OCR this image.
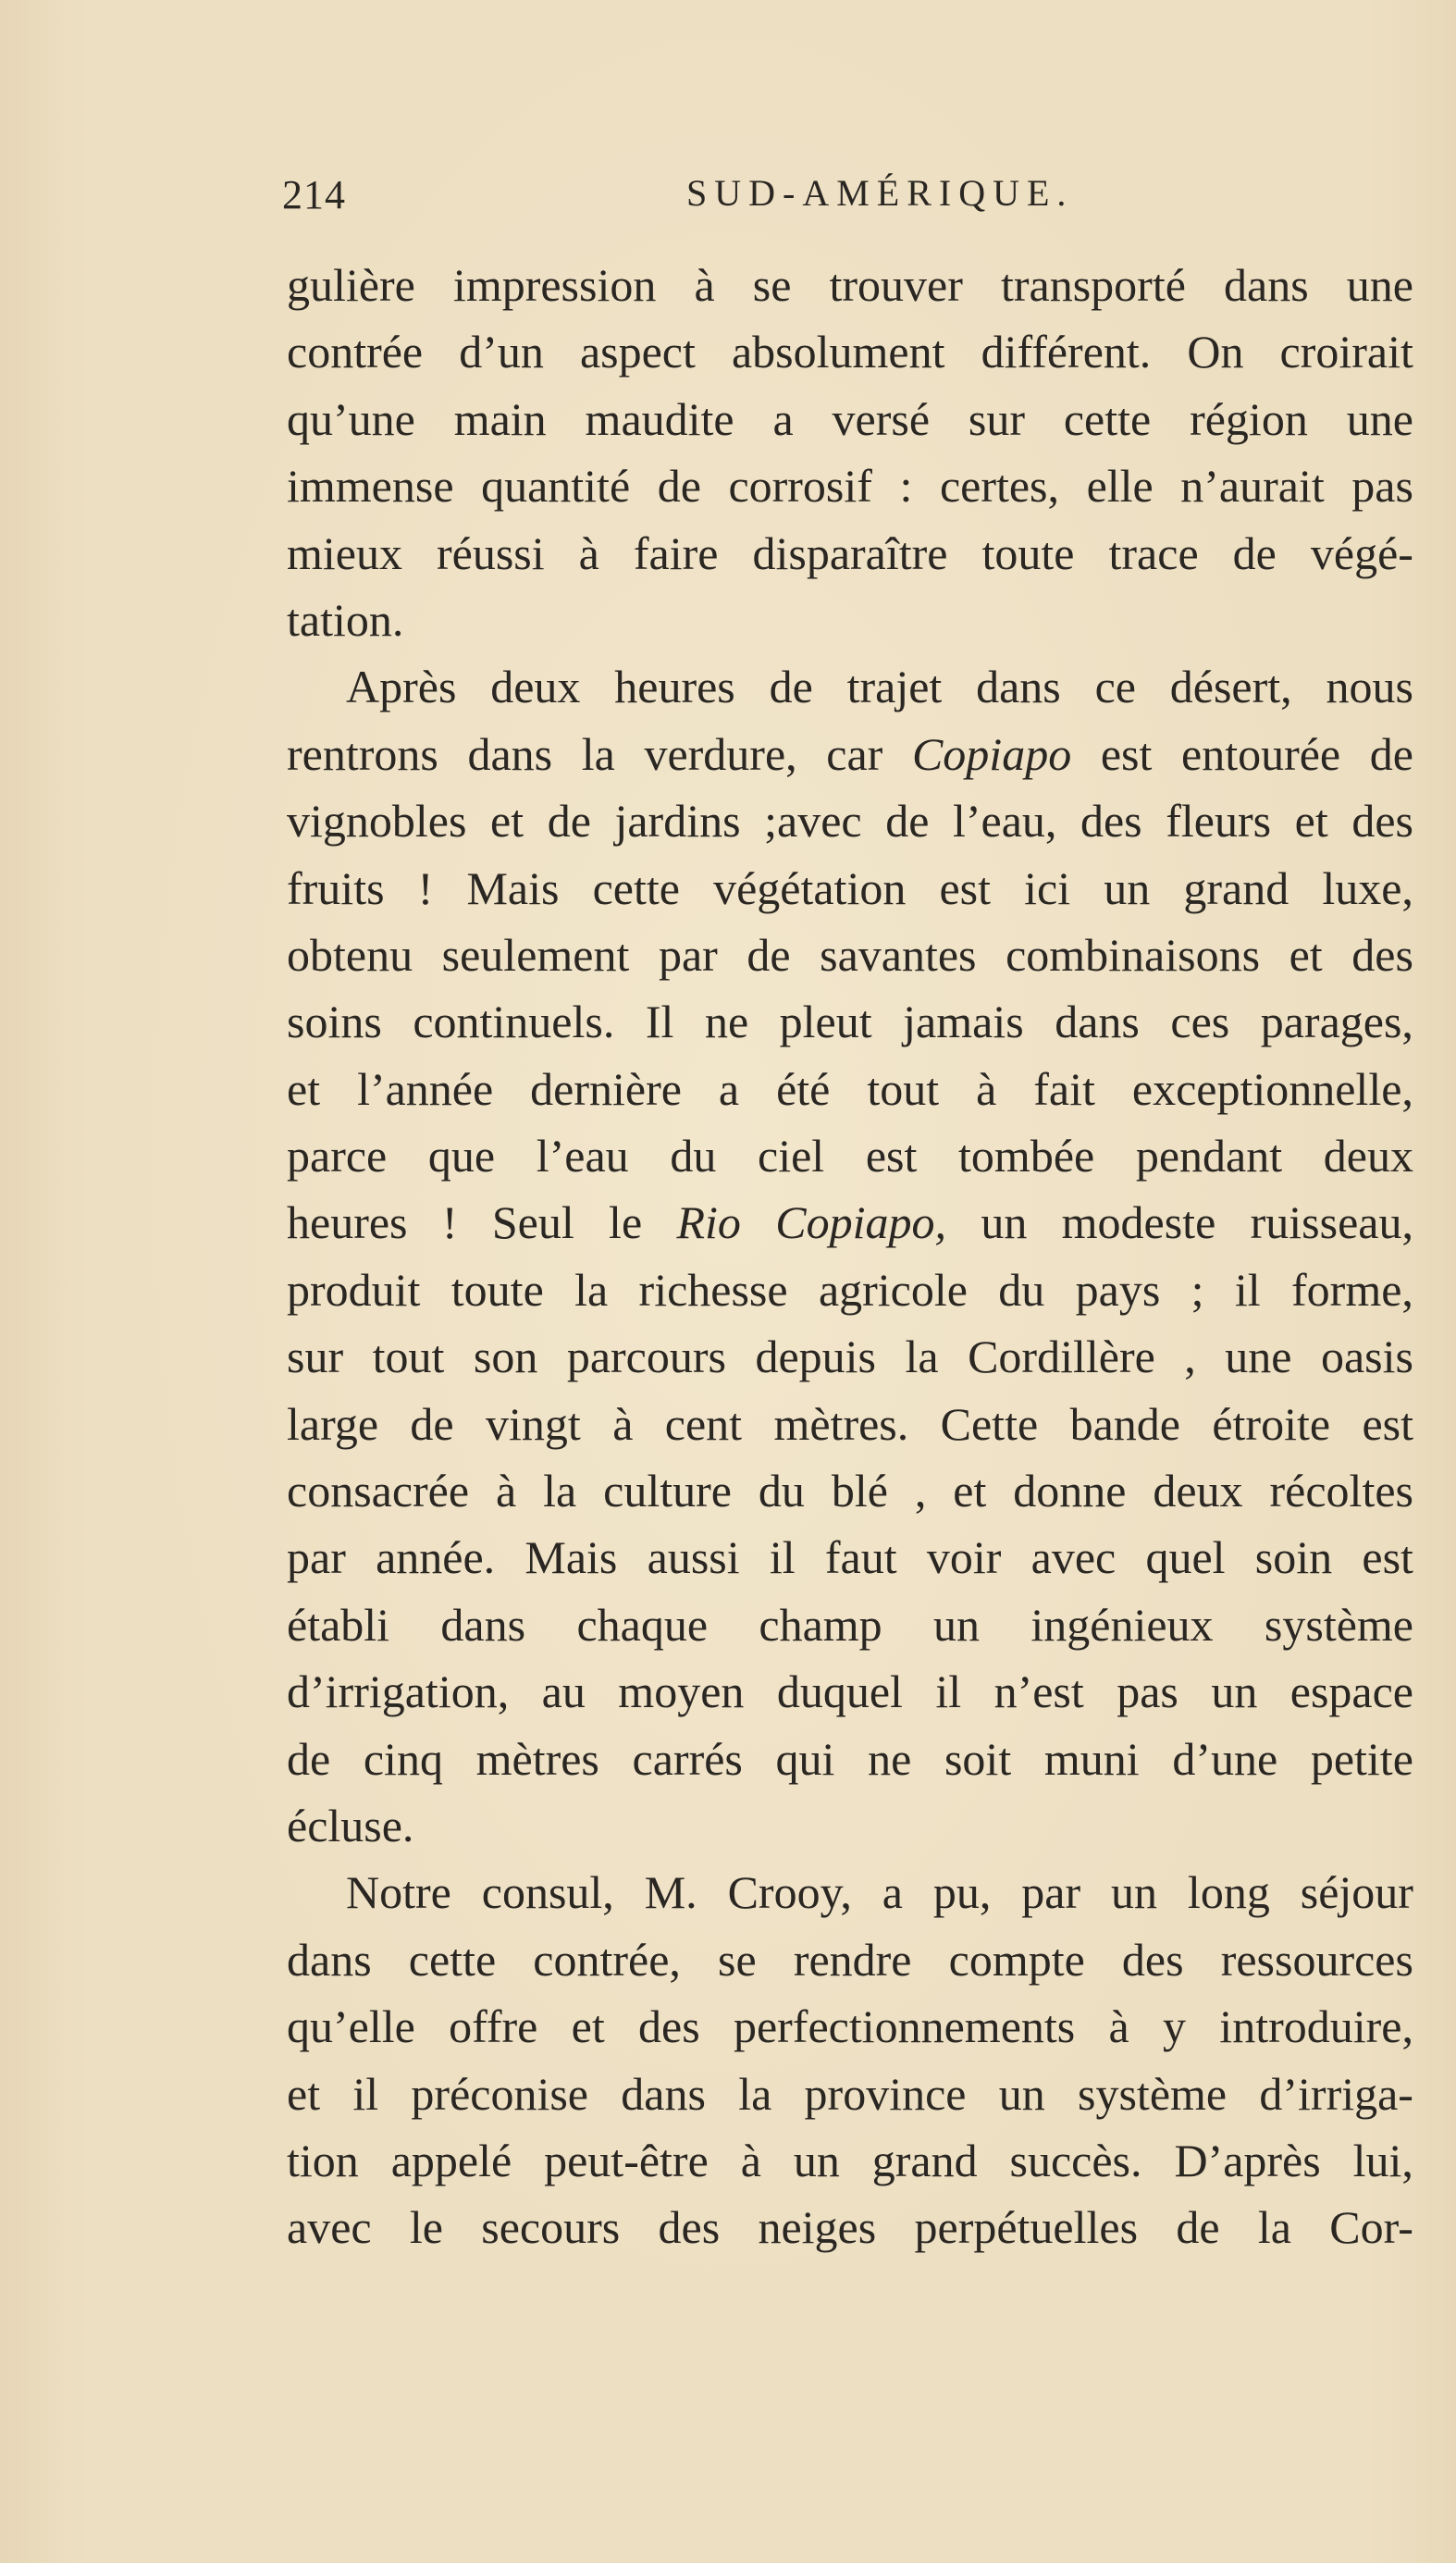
214	SUD-AMÉRIQUE.
gulière impression à se trouver transporté dans une
contrée d’un aspect absolument différent. On croirait
qu’une main maudite a versé sur cette région une
immense quantité de corrosif : certes, elle n’aurait pas
mieux réussi à faire disparaître toute trace de végé-
tation.
Après deux heures de trajet dans ce désert, nous
rentrons dans la verdure, car Copiapo est entourée de
vignobles et de jardins ;avec de l’eau, des fleurs et des
fruits ! Mais cette végétation est ici un grand luxe,
obtenu seulement par de savantes combinaisons et des
soins continuels. Il ne pleut jamais dans ces parages,
et l’année dernière a été tout à fait exceptionnelle,
parce que l’eau du ciel est tombée pendant deux
heures ! Seul le Rio Copiapo, un modeste ruisseau,
produit toute la richesse agricole du pays ; il forme,
sur tout son parcours depuis la Cordillère , une oasis
large de vingt à cent mètres. Cette bande étroite est
consacrée à la culture du blé , et donne deux récoltes
par année. Mais aussi il faut voir avec quel soin est
établi dans chaque champ un ingénieux système
d’irrigation, au moyen duquel il n’est pas un espace
de cinq mètres carrés qui ne soit muni d’une petite
écluse.
Notre consul, M. Crooy, a pu, par un long séjour
dans cette contrée, se rendre compte des ressources
qu’elle offre et des perfectionnements à y introduire,
et il préconise dans la province un système d’irriga-
tion appelé peut-être à un grand succès. D’après lui,
avec le secours des neiges perpétuelles de la Cor-
